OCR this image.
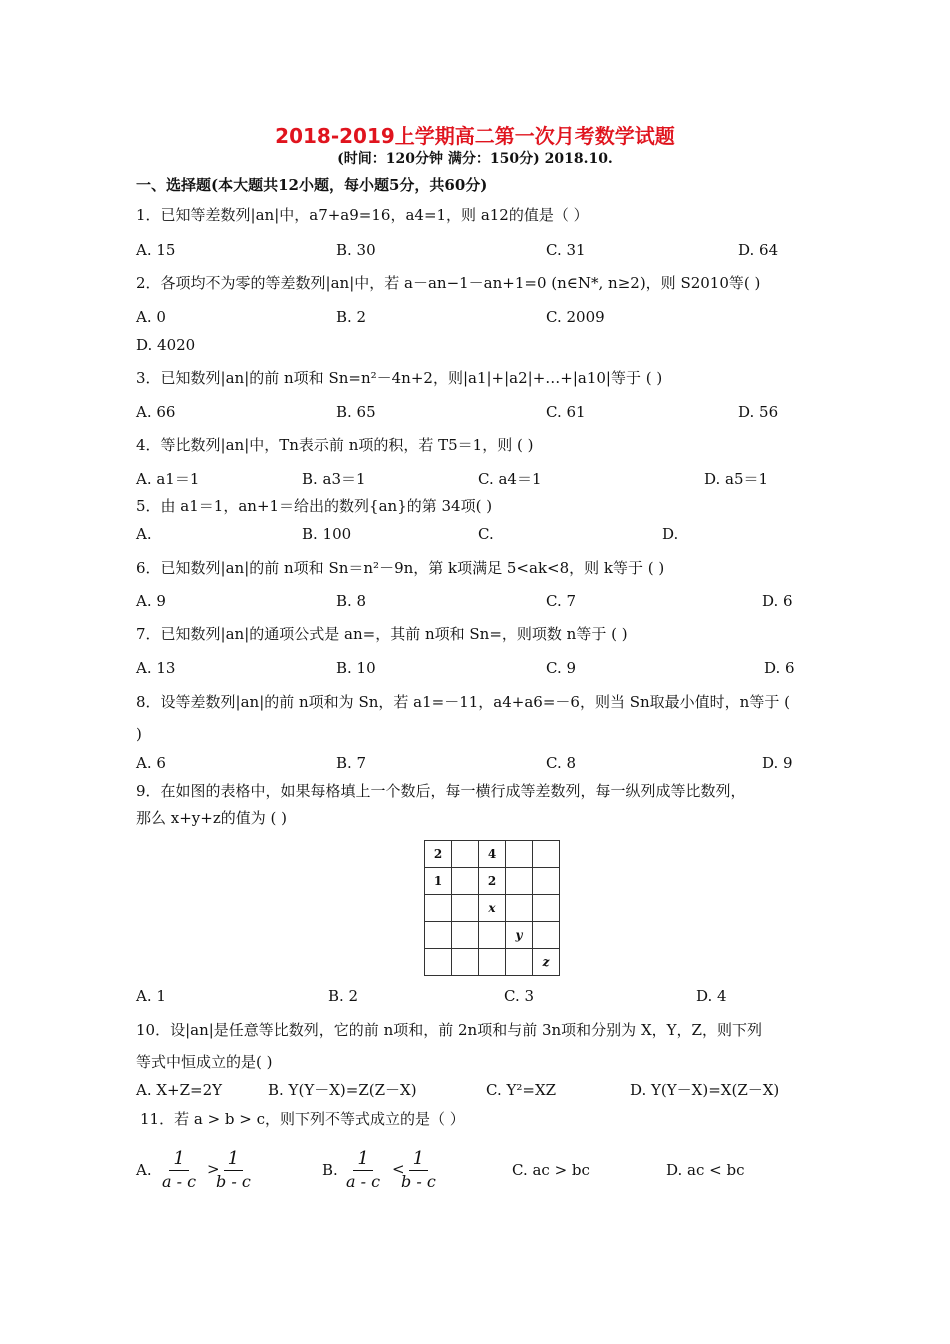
2018-2019上学期高二第一次月考数学试题
(时间：120分钟 满分：150分) 2018.10.
一、选择题(本大题共12小题，每小题5分，共60分)
1．已知等差数列|an|中，a7+a9=16，a4=1，则 a12的值是（ ）
A. 15	B. 30	C. 31	D. 64
2．各项均不为零的等差数列|an|中，若 a－an−1－an+1=0 (n∈N*, n≥2)，则 S2010等( )
A. 0	B. 2	C. 2009
D. 4020
3．已知数列|an|的前 n项和 Sn=n²－4n+2，则|a1|+|a2|+…+|a10|等于 ( )
A. 66	B. 65	C. 61	D. 56
4．等比数列|an|中，Tn表示前 n项的积，若 T5＝1，则 ( )
A. a1＝1	B. a3＝1	C. a4＝1	D. a5＝1
5．由 a1＝1，an+1＝给出的数列{an}的第 34项( )
A.	B. 100	C.	D.
6．已知数列|an|的前 n项和 Sn＝n²－9n，第 k项满足 5<ak<8，则 k等于 ( )
A. 9	B. 8	C. 7	D. 6
7．已知数列|an|的通项公式是 an=，其前 n项和 Sn=，则项数 n等于 ( )
A. 13	B. 10	C. 9	D. 6
8．设等差数列|an|的前 n项和为 Sn，若 a1=－11，a4+a6=－6，则当 Sn取最小值时，n等于 (
)
A. 6	B. 7	C. 8	D. 9
9．在如图的表格中，如果每格填上一个数后，每一横行成等差数列，每一纵列成等比数列，
那么 x+y+z的值为 ( )
2		4		
1		2		
		x		
			y	
				z
A. 1	B. 2	C. 3	D. 4
10．设|an|是任意等比数列，它的前 n项和，前 2n项和与前 3n项和分别为 X，Y，Z，则下列
等式中恒成立的是( )
A. X+Z=2Y	B. Y(Y－X)=Z(Z－X)	C. Y²=XZ	D. Y(Y－X)=X(Z－X)
11．若 a > b > c，则下列不等式成立的是（ ）
A. $\frac{1}{a - c}$ >
$\frac{1}{b - c}$	B. $\frac{1}{a - c}$ <
$\frac{1}{b - c}$	C. ac > bc	D. ac < bc
